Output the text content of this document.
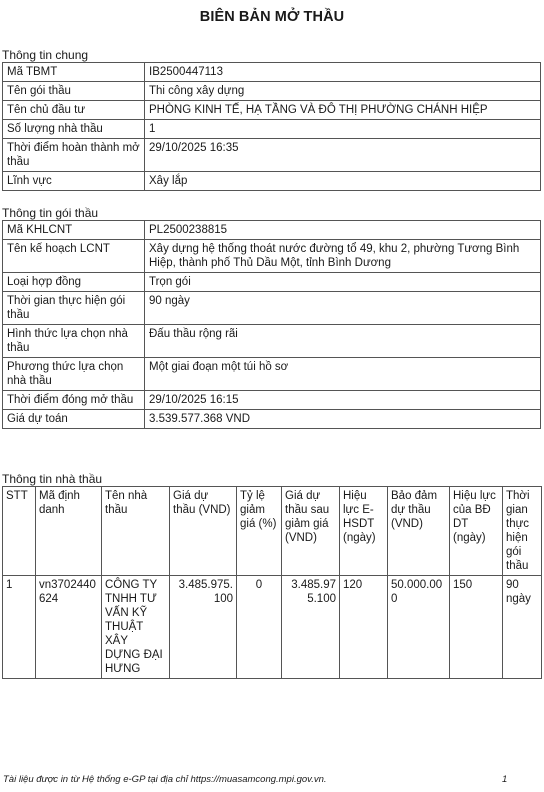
BIÊN BẢN MỞ THẦU
Thông tin chung
Mã TBMT	IB2500447113
Tên gói thầu	Thi công xây dựng
Tên chủ đầu tư	PHÒNG KINH TẾ, HẠ TẦNG VÀ ĐÔ THỊ PHƯỜNG CHÁNH HIỆP
Số lượng nhà thầu	1
Thời điểm hoàn thành mở thầu	29/10/2025 16:35
Lĩnh vực	Xây lắp
Thông tin gói thầu
Mã KHLCNT	PL2500238815
Tên kế hoạch LCNT	Xây dựng hệ thống thoát nước đường tổ 49, khu 2, phường Tương Bình Hiệp, thành phố Thủ Dầu Một, tỉnh Bình Dương
Loại hợp đồng	Trọn gói
Thời gian thực hiện gói thầu	90 ngày
Hình thức lựa chọn nhà thầu	Đấu thầu rộng rãi
Phương thức lựa chọn nhà thầu	Một giai đoạn một túi hồ sơ
Thời điểm đóng mở thầu	29/10/2025 16:15
Giá dự toán	3.539.577.368 VND
Thông tin nhà thầu
STT	Mã định danh	Tên nhà thầu	Giá dự thầu (VND)	Tỷ lệ giảm giá (%)	Giá dự thầu sau giảm giá (VND)	Hiệu lực E-HSDT (ngày)	Bảo đảm dự thầu (VND)	Hiệu lực của BĐ DT (ngày)	Thời gian thực hiện gói thầu
1	vn3702440624	CÔNG TY TNHH TƯ VẤN KỸ THUẬT XÂY DỰNG ĐẠI HƯNG	3.485.975.100	0	3.485.975.100	120	50.000.000	150	90 ngày
Tài liệu được in từ Hệ thống e-GP tại địa chỉ https://muasamcong.mpi.gov.vn.	1
